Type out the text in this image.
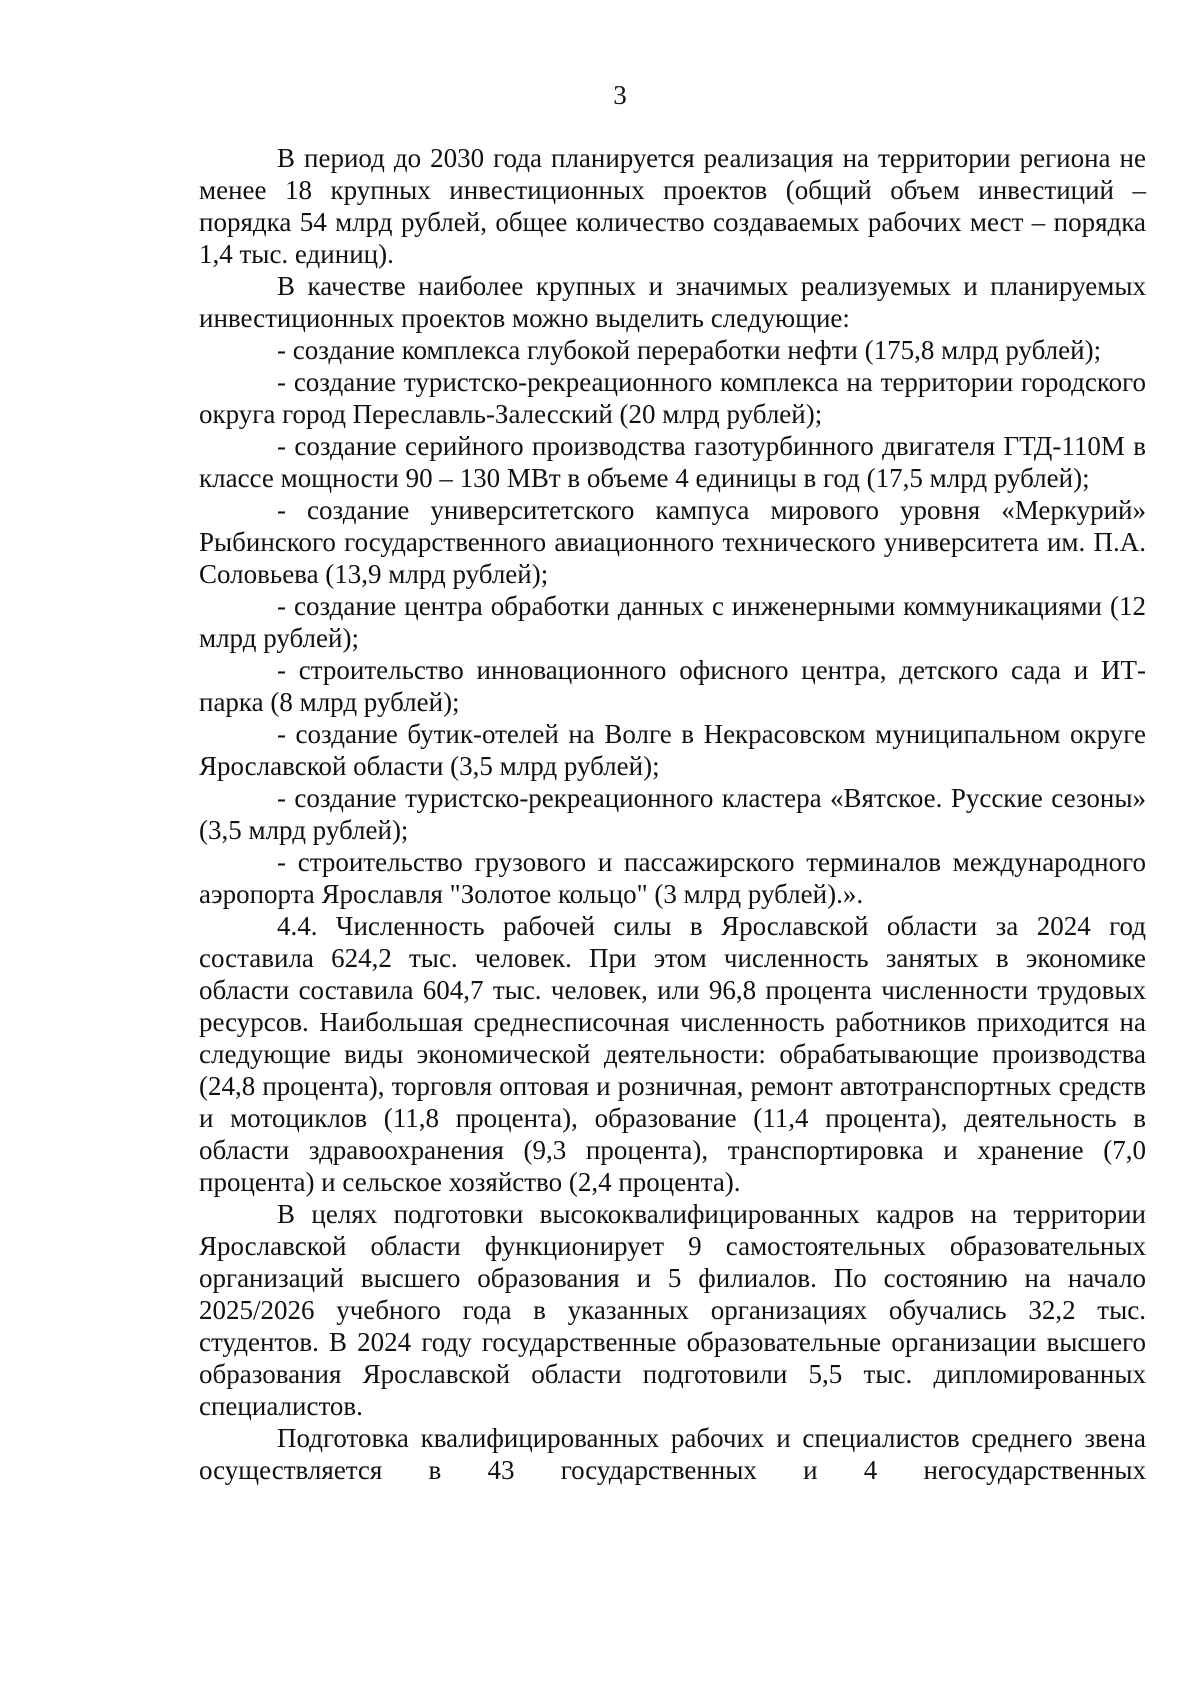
3

В период до 2030 года планируется реализация на территории региона не менее 18 крупных инвестиционных проектов (общий объем инвестиций – порядка 54 млрд рублей, общее количество создаваемых рабочих мест – порядка 1,4 тыс. единиц).

В качестве наиболее крупных и значимых реализуемых и планируемых инвестиционных проектов можно выделить следующие:

- создание комплекса глубокой переработки нефти (175,8 млрд рублей);

- создание туристско-рекреационного комплекса на территории городского округа город Переславль-Залесский (20 млрд рублей);

- создание серийного производства газотурбинного двигателя ГТД-110М в классе мощности 90 – 130 МВт в объеме 4 единицы в год (17,5 млрд рублей);

- создание университетского кампуса мирового уровня «Меркурий» Рыбинского государственного авиационного технического университета им. П.А. Соловьева (13,9 млрд рублей);

- создание центра обработки данных с инженерными коммуникациями (12 млрд рублей);

- строительство инновационного офисного центра, детского сада и ИТ-парка (8 млрд рублей);

- создание бутик-отелей на Волге в Некрасовском муниципальном округе Ярославской области (3,5 млрд рублей);

- создание туристско-рекреационного кластера «Вятское. Русские сезоны» (3,5 млрд рублей);

- строительство грузового и пассажирского терминалов международного аэропорта Ярославля "Золотое кольцо" (3 млрд рублей).».

4.4. Численность рабочей силы в Ярославской области за 2024 год составила 624,2 тыс. человек. При этом численность занятых в экономике области составила 604,7 тыс. человек, или 96,8 процента численности трудовых ресурсов. Наибольшая среднесписочная численность работников приходится на следующие виды экономической деятельности: обрабатывающие производства (24,8 процента), торговля оптовая и розничная, ремонт автотранспортных средств и мотоциклов (11,8 процента), образование (11,4 процента), деятельность в области здравоохранения (9,3 процента), транспортировка и хранение (7,0 процента) и сельское хозяйство (2,4 процента).

В целях подготовки высококвалифицированных кадров на территории Ярославской области функционирует 9 самостоятельных образовательных организаций высшего образования и 5 филиалов. По состоянию на начало 2025/2026 учебного года в указанных организациях обучались 32,2 тыс. студентов. В 2024 году государственные образовательные организации высшего образования Ярославской области подготовили 5,5 тыс. дипломированных специалистов.

Подготовка квалифицированных рабочих и специалистов среднего звена осуществляется в 43 государственных и 4 негосударственных
